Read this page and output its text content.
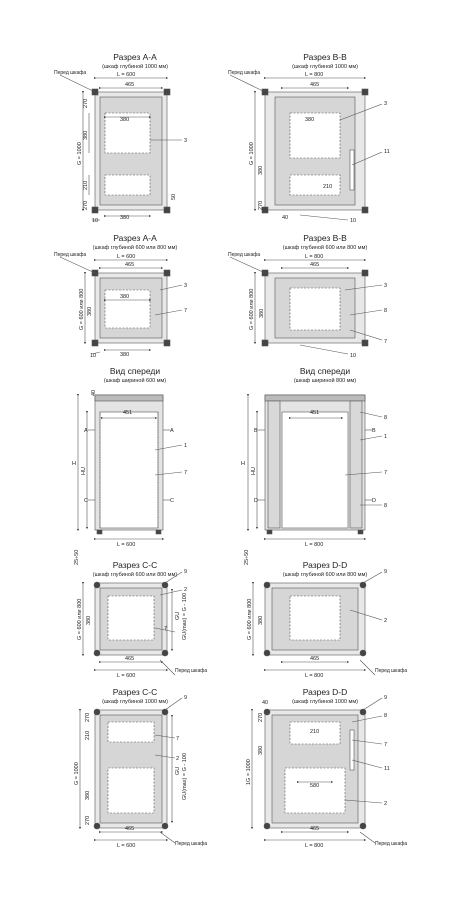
Разрез A-A
(шкаф глубиной 1000 мм)
Разрез B-B
(шкаф глубиной 1000 мм)
Разрез A-A
(шкаф глубиной 600 или 800 мм)
Разрез B-B
(шкаф глубиной 600 или 800 мм)
Вид спереди
(шкаф шириной 600 мм)
Вид спереди
(шкаф шириной 800 мм)
Разрез C-C
(шкаф глубиной 600 или 800 мм)
Разрез D-D
(шкаф глубиной 600 или 800 мм)
Разрез C-C
(шкаф глубиной 1000 мм)
Разрез D-D
(шкаф глубиной 1000 мм)
Перед шкафа	L = 600
465
380
380
G = 1000
270
380
210
270
50
3
10
Перед шкафа	L = 800
465
380
G = 1000
380
210
270
40
3
11
10
Перед шкафа	L = 600
465
380
380
G = 600 или 800 380
3
7
10
Перед шкафа	L = 800
465
G = 600 или 800 380
3
8
7
10
451
L = 600
40
H
HU
25÷50
A	A
C	C
1
7
451
L = 800
H
HU
25÷50
B	B
D	D
8
1
7
8
465
L = 600
G = 600 или 800 380	GU GU(max) = G - 100
Перед шкафа
9
2
7
465
L = 800
G = 600 или 800 380
Перед шкафа
9
2
465
L = 600
G = 1000
270
210
380
270
GU GU(max) = G - 100
Перед шкафа
9
7
2
465
L = 800
210
580
1G = 1000
270
380
40
Перед шкафа
9
8
7
11
2
